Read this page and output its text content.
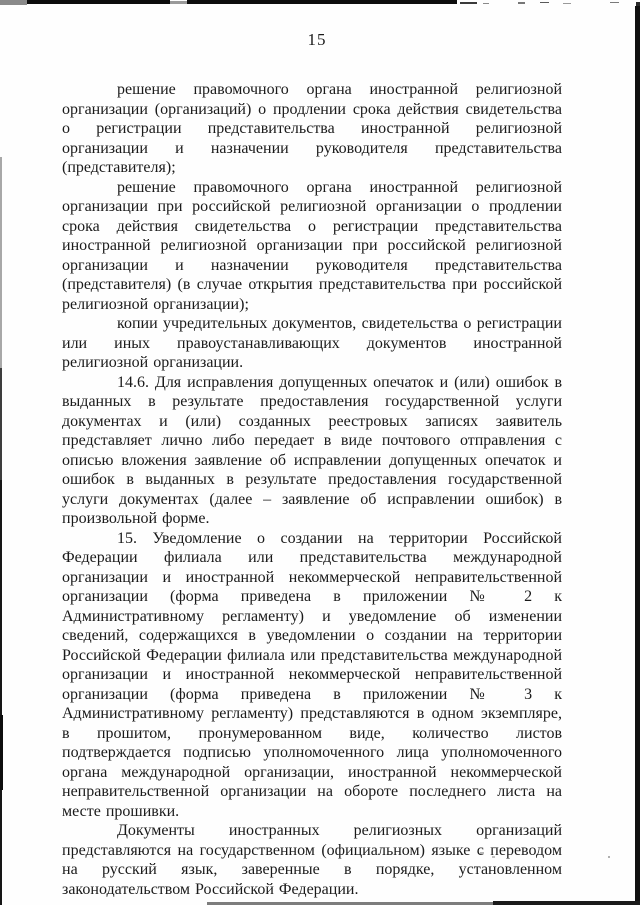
15

решение правомочного органа иностранной религиозной организации (организаций) о продлении срока действия свидетельства о регистрации представительства иностранной религиозной организации и назначении руководителя представительства (представителя);

решение правомочного органа иностранной религиозной организации при российской религиозной организации о продлении срока действия свидетельства о регистрации представительства иностранной религиозной организации при российской религиозной организации и назначении руководителя представительства (представителя) (в случае открытия представительства при российской религиозной организации);

копии учредительных документов, свидетельства о регистрации или иных правоустанавливающих документов иностранной религиозной организации.

14.6. Для исправления допущенных опечаток и (или) ошибок в выданных в результате предоставления государственной услуги документах и (или) созданных реестровых записях заявитель представляет лично либо передает в виде почтового отправления с описью вложения заявление об исправлении допущенных опечаток и ошибок в выданных в результате предоставления государственной услуги документах (далее – заявление об исправлении ошибок) в произвольной форме.

15. Уведомление о создании на территории Российской Федерации филиала или представительства международной организации и иностранной некоммерческой неправительственной организации (форма приведена в приложении № 2 к Административному регламенту) и уведомление об изменении сведений, содержащихся в уведомлении о создании на территории Российской Федерации филиала или представительства международной организации и иностранной некоммерческой неправительственной организации (форма приведена в приложении № 3 к Административному регламенту) представляются в одном экземпляре, в прошитом, пронумерованном виде, количество листов подтверждается подписью уполномоченного лица уполномоченного органа международной организации, иностранной некоммерческой неправительственной организации на обороте последнего листа на месте прошивки.

Документы иностранных религиозных организаций представляются на государственном (официальном) языке с переводом на русский язык, заверенные в порядке, установленном законодательством Российской Федерации.
